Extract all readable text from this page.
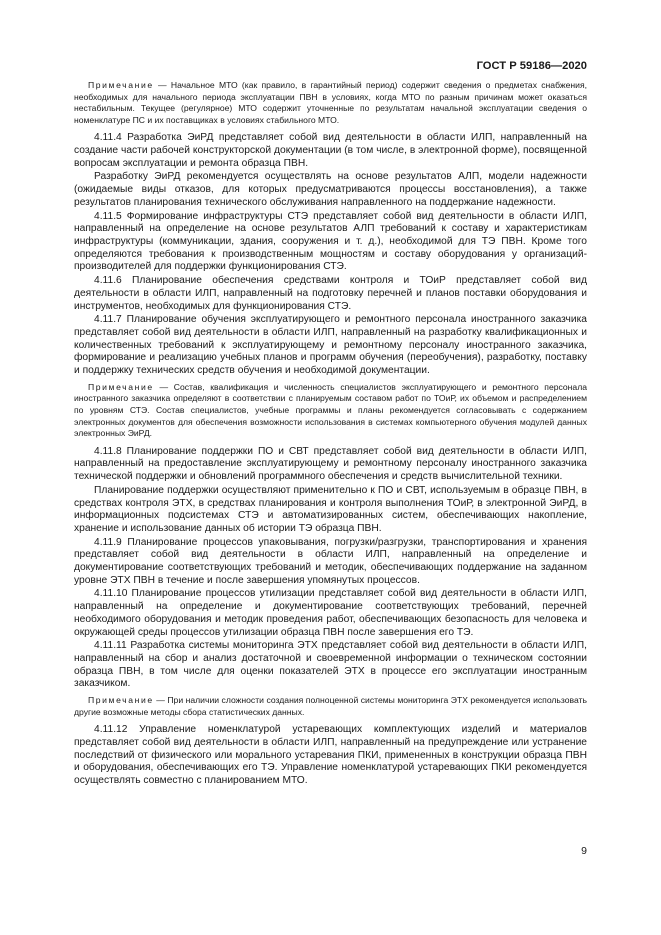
ГОСТ Р 59186—2020

Примечание — Начальное МТО (как правило, в гарантийный период) содержит сведения о предметах снабжения, необходимых для начального периода эксплуатации ПВН в условиях, когда МТО по разным причинам может оказаться нестабильным. Текущее (регулярное) МТО содержит уточненные по результатам начальной эксплуатации сведения о номенклатуре ПС и их поставщиках в условиях стабильного МТО.

4.11.4 Разработка ЭиРД представляет собой вид деятельности в области ИЛП, направленный на создание части рабочей конструкторской документации (в том числе, в электронной форме), посвященной вопросам эксплуатации и ремонта образца ПВН.

Разработку ЭиРД рекомендуется осуществлять на основе результатов АЛП, модели надежности (ожидаемые виды отказов, для которых предусматриваются процессы восстановления), а также результатов планирования технического обслуживания направленного на поддержание надежности.

4.11.5 Формирование инфраструктуры СТЭ представляет собой вид деятельности в области ИЛП, направленный на определение на основе результатов АЛП требований к составу и характеристикам инфраструктуры (коммуникации, здания, сооружения и т. д.), необходимой для ТЭ ПВН. Кроме того определяются требования к производственным мощностям и составу оборудования у организаций-производителей для поддержки функционирования СТЭ.

4.11.6 Планирование обеспечения средствами контроля и ТОиР представляет собой вид деятельности в области ИЛП, направленный на подготовку перечней и планов поставки оборудования и инструментов, необходимых для функционирования СТЭ.

4.11.7 Планирование обучения эксплуатирующего и ремонтного персонала иностранного заказчика представляет собой вид деятельности в области ИЛП, направленный на разработку квалификационных и количественных требований к эксплуатирующему и ремонтному персоналу иностранного заказчика, формирование и реализацию учебных планов и программ обучения (переобучения), разработку, поставку и поддержку технических средств обучения и необходимой документации.

Примечание — Состав, квалификация и численность специалистов эксплуатирующего и ремонтного персонала иностранного заказчика определяют в соответствии с планируемым составом работ по ТОиР, их объемом и распределением по уровням СТЭ. Состав специалистов, учебные программы и планы рекомендуется согласовывать с содержанием электронных документов для обеспечения возможности использования в системах компьютерного обучения модулей данных электронных ЭиРД.

4.11.8 Планирование поддержки ПО и СВТ представляет собой вид деятельности в области ИЛП, направленный на предоставление эксплуатирующему и ремонтному персоналу иностранного заказчика технической поддержки и обновлений программного обеспечения и средств вычислительной техники.

Планирование поддержки осуществляют применительно к ПО и СВТ, используемым в образце ПВН, в средствах контроля ЭТХ, в средствах планирования и контроля выполнения ТОиР, в электронной ЭиРД, в информационных подсистемах СТЭ и автоматизированных систем, обеспечивающих накопление, хранение и использование данных об истории ТЭ образца ПВН.

4.11.9 Планирование процессов упаковывания, погрузки/разгрузки, транспортирования и хранения представляет собой вид деятельности в области ИЛП, направленный на определение и документирование соответствующих требований и методик, обеспечивающих поддержание на заданном уровне ЭТХ ПВН в течение и после завершения упомянутых процессов.

4.11.10 Планирование процессов утилизации представляет собой вид деятельности в области ИЛП, направленный на определение и документирование соответствующих требований, перечней необходимого оборудования и методик проведения работ, обеспечивающих безопасность для человека и окружающей среды процессов утилизации образца ПВН после завершения его ТЭ.

4.11.11 Разработка системы мониторинга ЭТХ представляет собой вид деятельности в области ИЛП, направленный на сбор и анализ достаточной и своевременной информации о техническом состоянии образца ПВН, в том числе для оценки показателей ЭТХ в процессе его эксплуатации иностранным заказчиком.

Примечание — При наличии сложности создания полноценной системы мониторинга ЭТХ рекомендуется использовать другие возможные методы сбора статистических данных.

4.11.12 Управление номенклатурой устаревающих комплектующих изделий и материалов представляет собой вид деятельности в области ИЛП, направленный на предупреждение или устранение последствий от физического или морального устаревания ПКИ, примененных в конструкции образца ПВН и оборудования, обеспечивающих его ТЭ. Управление номенклатурой устаревающих ПКИ рекомендуется осуществлять совместно с планированием МТО.

9
